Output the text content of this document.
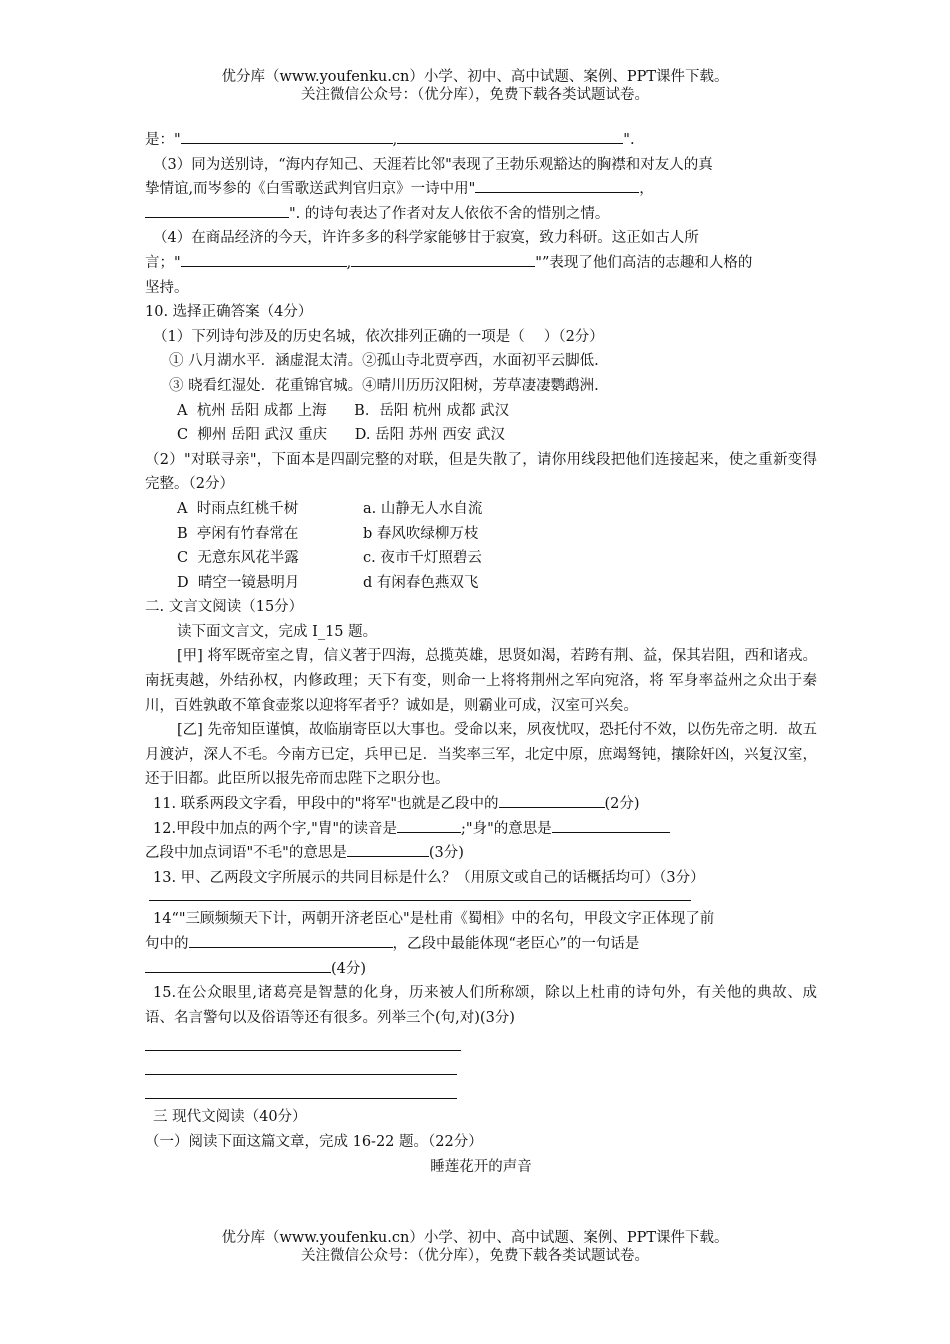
优分库（www.youfenku.cn）小学、初中、高中试题、案例、PPT课件下载。
关注微信公众号：（优分库），免费下载各类试题试卷。

是："	,	".

（3）同为送别诗，“海内存知己、天涯若比邻"表现了王勃乐观豁达的胸襟和对友人的真

挚情谊,而岑参的《白雪歌送武判官归京》一诗中用"	，

". 的诗句表达了作者对友人依依不舍的惜别之情。

（4）在商品经济的今天，许许多多的科学家能够甘于寂寞，致力科研。这正如古人所

言；"	,	"”表现了他们高洁的志趣和人格的

坚持。

10. 选择正确答案（4分）

（1）下列诗句涉及的历史名城，依次排列正确的一项是（　 ）（2分）

① 八月湖水平．涵虚混太清。②孤山寺北贾亭西，水面初平云脚低.

③ 晓看红湿处．花重锦官城。④晴川历历汉阳树，芳草凄凄鹦鹉洲.

A  杭州 岳阳 成都 上海      B．岳阳 杭州 成都 武汉

C  柳州 岳阳 武汉 重庆      D. 岳阳 苏州 西安 武汉

（2）"对联寻亲"，下面本是四副完整的对联，但是失散了，请你用线段把他们连接起来，使之重新变得完整。（2分）

A  时雨点红桃千树	a. 山静无人水自流

B  亭闲有竹春常在	b 春风吹绿柳万枝

C  无意东风花半露	c. 夜市千灯照碧云

D  晴空一镜悬明月	d 有闲春色燕双飞

二. 文言文阅读（15分）

读下面文言文，完成 I_15 题。

[甲] 将军既帝室之胄，信义著于四海，总揽英雄，思贤如渴，若跨有荆、益，保其岩阻，西和诸戎。南抚夷越，外结孙权，内修政理；天下有变，则命一上将将荆州之军向宛洛，将 军身率益州之众出于秦川，百姓孰敢不箪食壶浆以迎将军者乎？诚如是，则霸业可成，汉室可兴矣。

[乙] 先帝知臣谨慎，故临崩寄臣以大事也。受命以来，夙夜忧叹，恐托付不效，以伤先帝之明．故五月渡泸，深人不毛。今南方已定，兵甲已足．当奖率三军，北定中原，庶竭驽钝，攘除奸凶，兴复汉室，还于旧都。此臣所以报先帝而忠陛下之职分也。

11. 联系两段文字看，甲段中的"将军"也就是乙段中的	(2分)

12.甲段中加点的两个字,"胄"的读音是	;"身"的意思是

乙段中加点词语"不毛"的意思是	(3分)

13. 甲、乙两段文字所展示的共同目标是什么？（用原文或自己的话概括均可）（3分）

14“"三顾频频天下计，两朝开济老臣心"是杜甫《蜀相》中的名句，甲段文字正体现了前

句中的	，乙段中最能体现“老臣心”的一句话是

(4分)

15.在公众眼里,诸葛亮是智慧的化身，历来被人们所称颂，除以上杜甫的诗句外，有关他的典故、成语、名言警句以及俗语等还有很多。列举三个(句,对)(3分)

三 现代文阅读（40分）

（一）阅读下面这篇文章，完成 16-22 题。（22分）

睡莲花开的声音

优分库（www.youfenku.cn）小学、初中、高中试题、案例、PPT课件下载。
关注微信公众号：（优分库），免费下载各类试题试卷。
